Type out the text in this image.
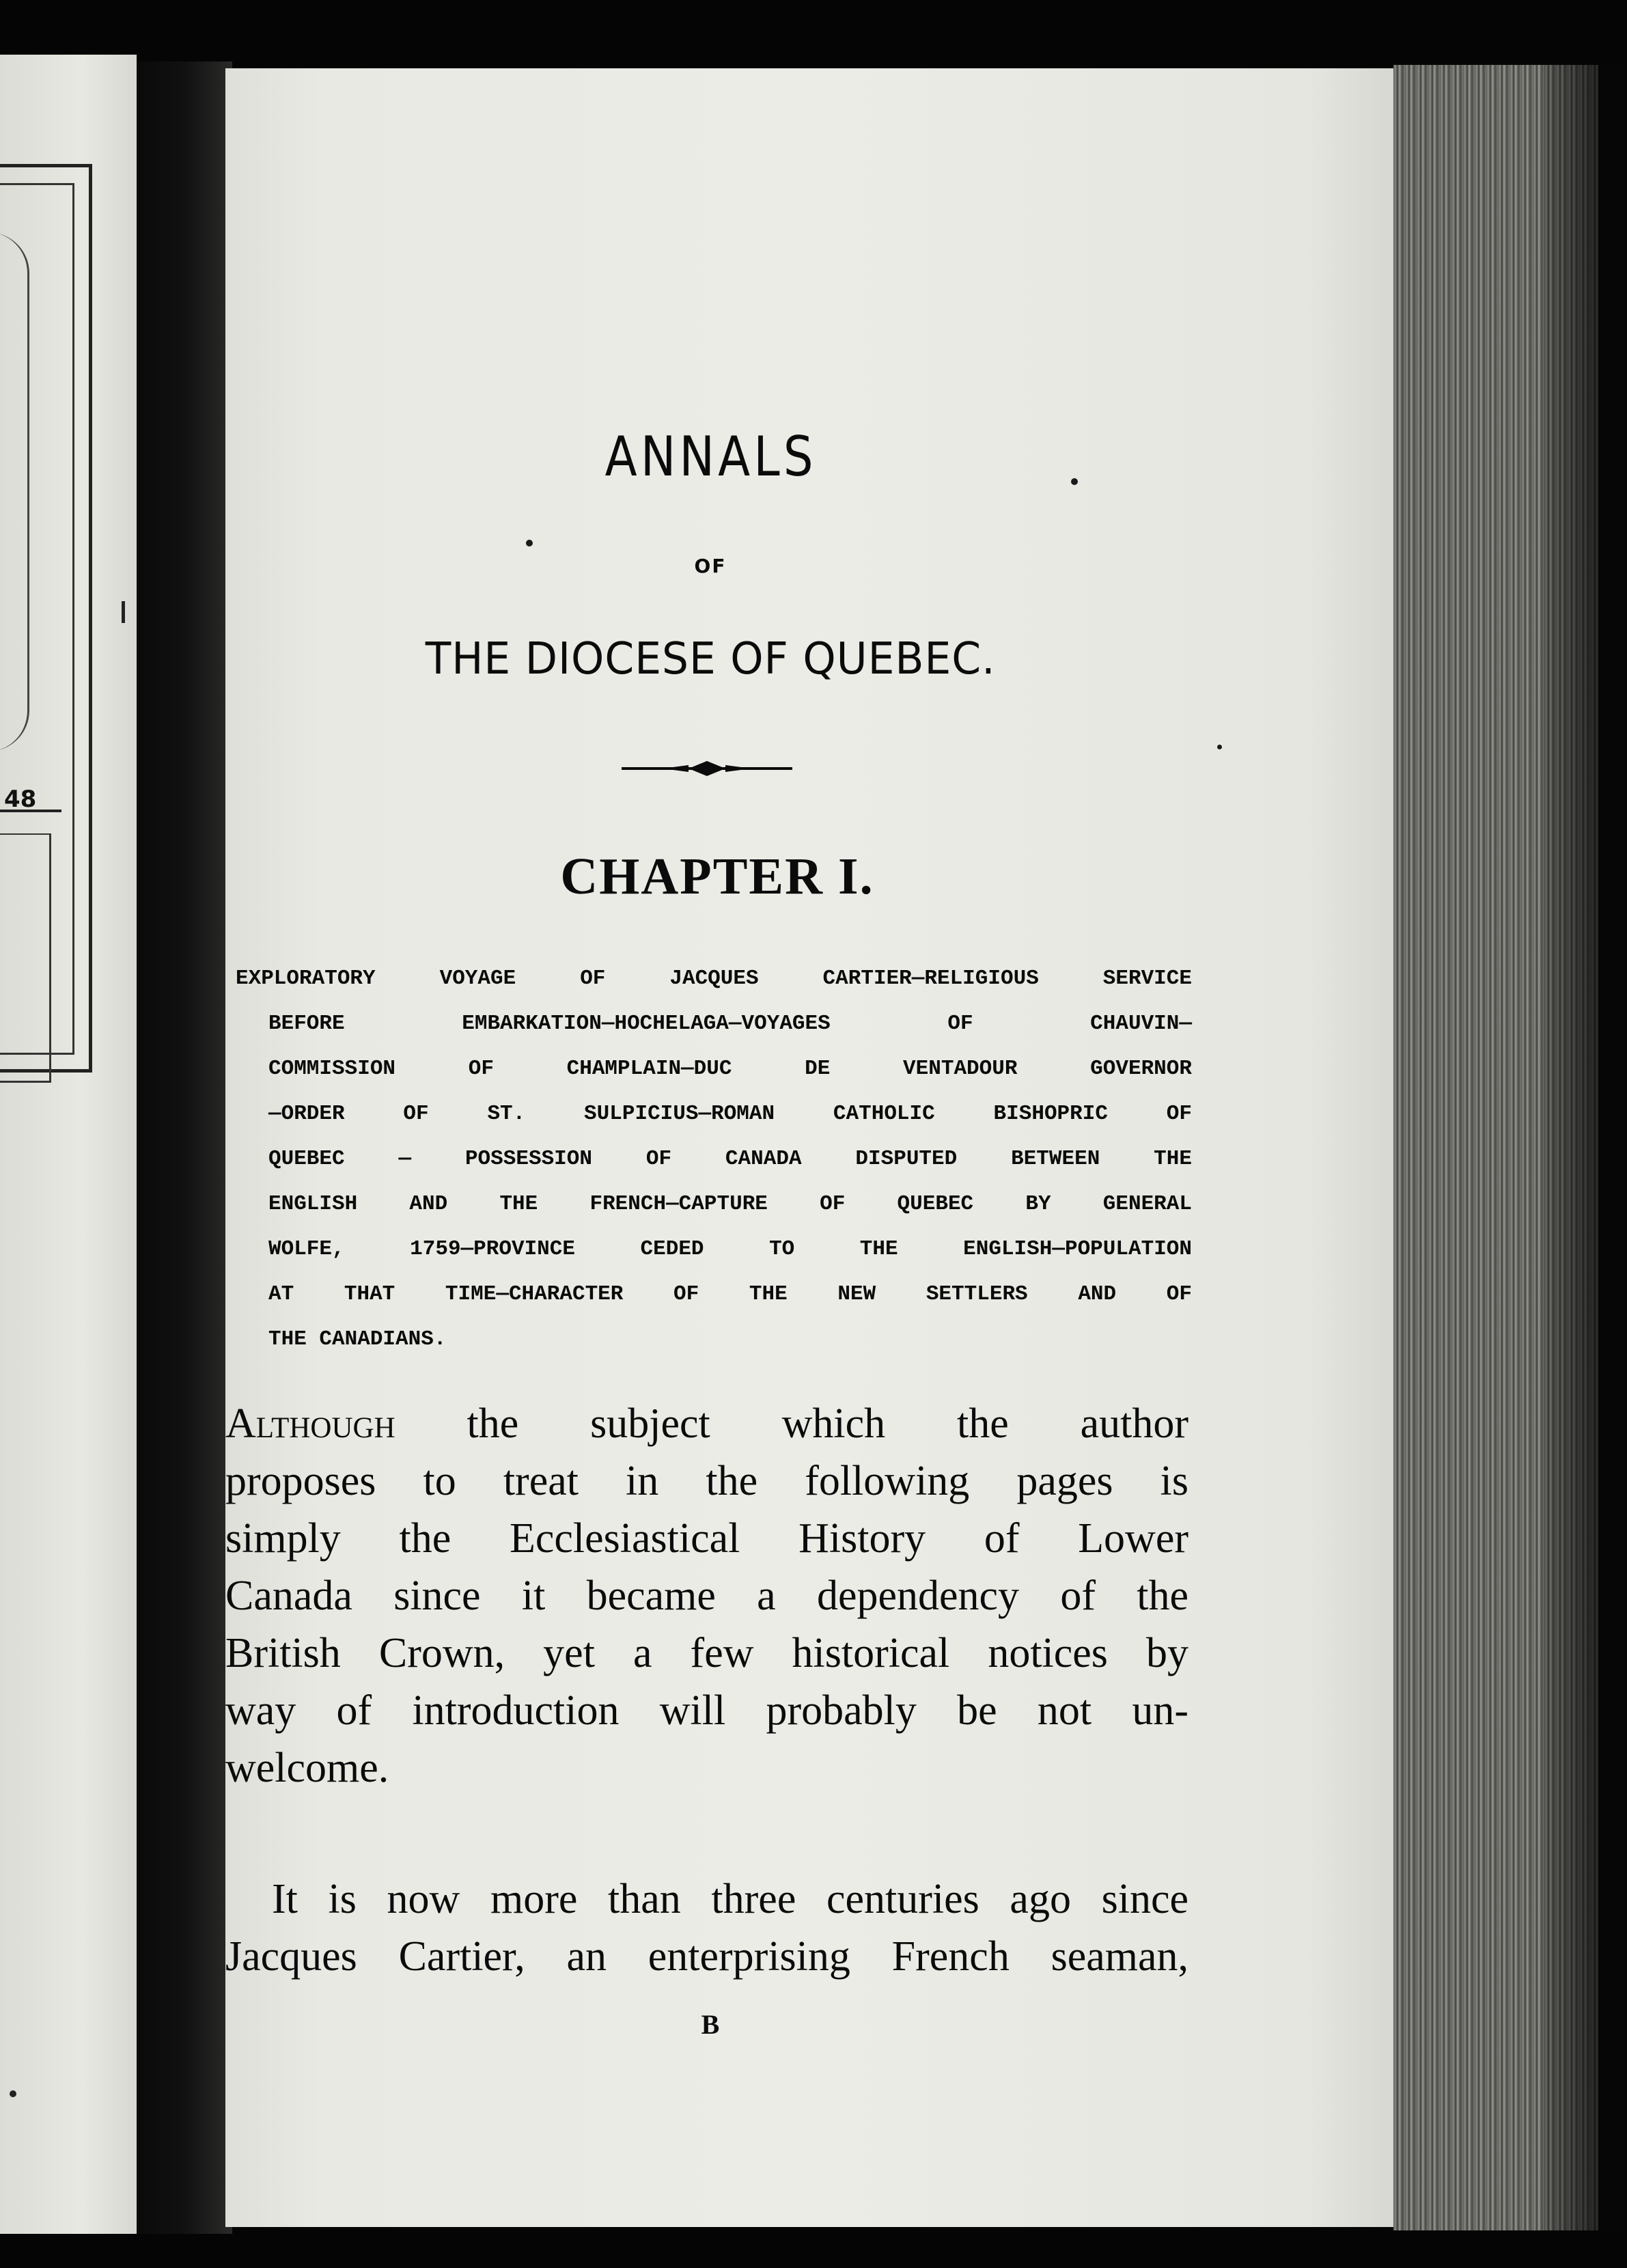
48
ANNALS
OF
THE DIOCESE OF QUEBEC.
CHAPTER I.
EXPLORATORY VOYAGE OF JACQUES CARTIER—RELIGIOUS SERVICE
BEFORE EMBARKATION—HOCHELAGA—VOYAGES OF CHAUVIN—
COMMISSION OF CHAMPLAIN—DUC DE VENTADOUR GOVERNOR
—ORDER OF ST. SULPICIUS—ROMAN CATHOLIC BISHOPRIC OF
QUEBEC — POSSESSION OF CANADA DISPUTED BETWEEN THE
ENGLISH AND THE FRENCH—CAPTURE OF QUEBEC BY GENERAL
WOLFE, 1759—PROVINCE CEDED TO THE ENGLISH—POPULATION
AT THAT TIME—CHARACTER OF THE NEW SETTLERS AND OF
THE CANADIANS.
Although the subject which the author
proposes to treat in the following pages is
simply the Ecclesiastical History of Lower
Canada since it became a dependency of the
British Crown, yet a few historical notices by
way of introduction will probably be not un-
welcome.
It is now more than three centuries ago since
Jacques Cartier, an enterprising French seaman,
B
